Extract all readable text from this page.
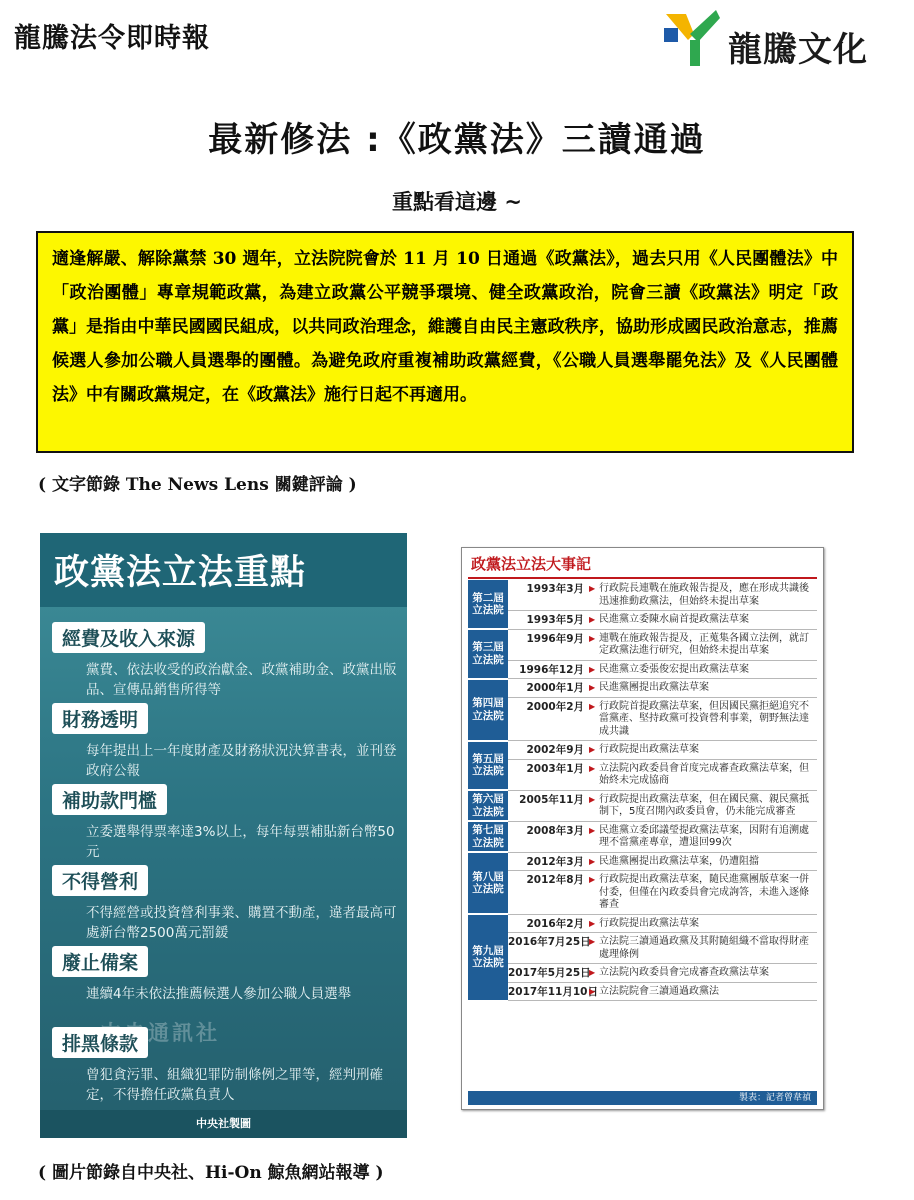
龍騰法令即時報	龍騰文化
最新修法 :《政黨法》三讀通過
重點看這邊 ~

適逢解嚴、解除黨禁 30 週年，立法院院會於 11 月 10 日通過《政黨法》，過去只用《人民團體法》中「政治團體」專章規範政黨，為建立政黨公平競爭環境、健全政黨政治，院會三讀《政黨法》明定「政黨」是指由中華民國國民組成，以共同政治理念，維護自由民主憲政秩序，協助形成國民政治意志，推薦候選人參加公職人員選舉的團體。為避免政府重複補助政黨經費，《公職人員選舉罷免法》及《人民團體法》中有關政黨規定，在《政黨法》施行日起不再適用。

( 文字節錄 The News Lens 關鍵評論 )
政黨法立法重點
經費及收入來源
黨費、依法收受的政治獻金、政黨補助金、政黨出版品、宣傳品銷售所得等
財務透明
每年提出上一年度財產及財務狀況決算書表，並刊登政府公報
補助款門檻
立委選舉得票率達3%以上，每年每票補貼新台幣50元
不得營利
不得經營或投資營利事業、購置不動產，違者最高可處新台幣2500萬元罰鍰
廢止備案
連續4年未依法推薦候選人參加公職人員選舉
排黑條款
曾犯貪污罪、組織犯罪防制條例之罪等，經判刑確定，不得擔任政黨負責人
中央通訊社
中央社製圖
政黨法立法大事記
第二屆
立法院	1993年3月	▶ 行政院長連戰在施政報告提及，應在形成共識後迅速推動政黨法，但始終未提出草案
	1993年5月	▶ 民進黨立委陳水扁首提政黨法草案
第三屆
立法院	1996年9月	▶ 連戰在施政報告提及，正蒐集各國立法例，就訂定政黨法進行研究，但始終未提出草案
	1996年12月	▶ 民進黨立委張俊宏提出政黨法草案
第四屆
立法院	2000年1月	▶ 民進黨團提出政黨法草案
	2000年2月	▶ 行政院首提政黨法草案，但因國民黨拒絕追究不當黨產、堅持政黨可投資營利事業，朝野無法達成共識
第五屆
立法院	2002年9月	▶ 行政院提出政黨法草案
	2003年1月	▶ 立法院內政委員會首度完成審查政黨法草案，但始終未完成協商
第六屆
立法院	2005年11月	▶ 行政院提出政黨法草案，但在國民黨、親民黨抵制下，5度召開內政委員會，仍未能完成審查
第七屆
立法院	2008年3月	▶ 民進黨立委邱議瑩提政黨法草案，因附有追溯處理不當黨產專章，遭退回99次
第八屆
立法院	2012年3月	▶ 民進黨團提出政黨法草案，仍遭阻擋
	2012年8月	▶ 行政院提出政黨法草案，隨民進黨團版草案一併付委，但僅在內政委員會完成詢答，未進入逐條審查
第九屆
立法院	2016年2月	▶ 行政院提出政黨法草案
	2016年7月25日	▶ 立法院三讀通過政黨及其附隨組織不當取得財產處理條例
	2017年5月25日	▶ 立法院內政委員會完成審查政黨法草案
	2017年11月10日	▶ 立法院院會三讀通過政黨法
製表：記者曾韋禎
( 圖片節錄自中央社、Hi-On 鯨魚網站報導 )
